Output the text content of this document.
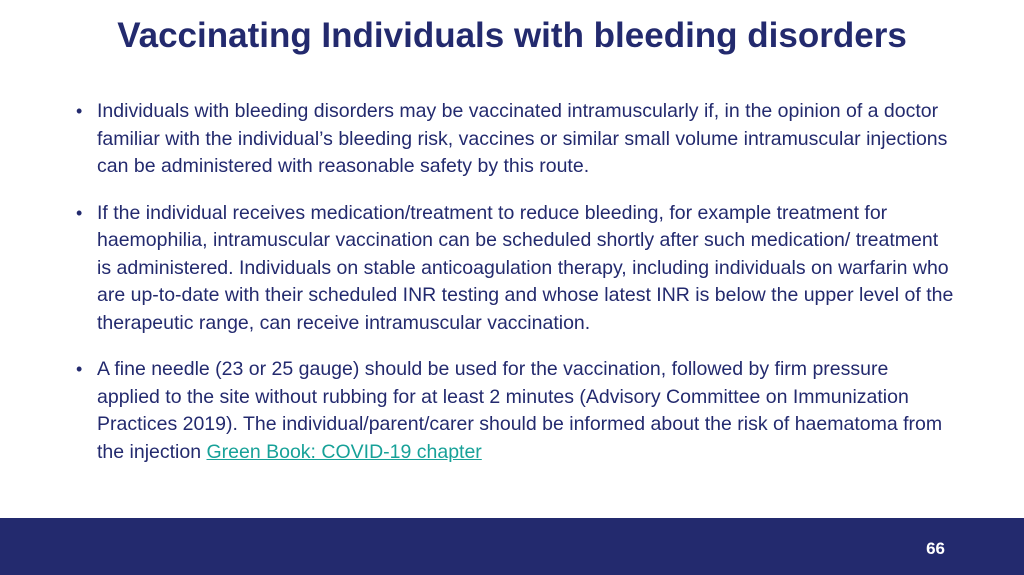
Vaccinating Individuals with bleeding disorders
• Individuals with bleeding disorders may be vaccinated intramuscularly if, in the opinion of a doctor familiar with the individual’s bleeding risk, vaccines or similar small volume intramuscular injections can be administered with reasonable safety by this route.
• If the individual receives medication/treatment to reduce bleeding, for example treatment for haemophilia, intramuscular vaccination can be scheduled shortly after such medication/ treatment is administered. Individuals on stable anticoagulation therapy, including individuals on warfarin who are up-to-date with their scheduled INR testing and whose latest INR is below the upper level of the therapeutic range, can receive intramuscular vaccination.
• A fine needle (23 or 25 gauge) should be used for the vaccination, followed by firm pressure applied to the site without rubbing for at least 2 minutes (Advisory Committee on Immunization Practices 2019). The individual/parent/carer should be informed about the risk of haematoma from the injection Green Book: COVID-19 chapter
66
